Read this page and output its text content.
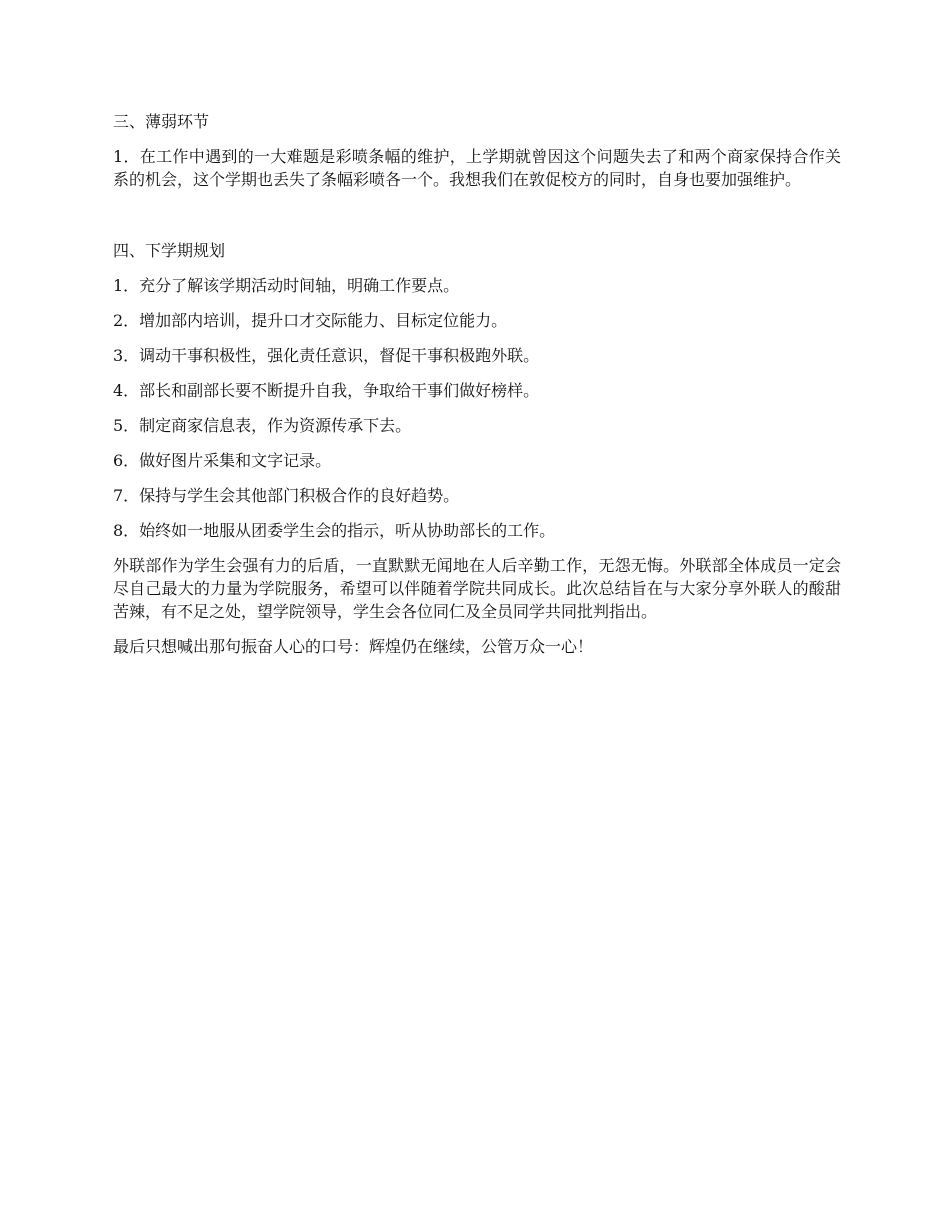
三、薄弱环节
1．在工作中遇到的一大难题是彩喷条幅的维护，上学期就曾因这个问题失去了和两个商家保持合作关系的机会，这个学期也丢失了条幅彩喷各一个。我想我们在敦促校方的同时，自身也要加强维护。
四、下学期规划
1．充分了解该学期活动时间轴，明确工作要点。
2．增加部内培训，提升口才交际能力、目标定位能力。
3．调动干事积极性，强化责任意识，督促干事积极跑外联。
4．部长和副部长要不断提升自我，争取给干事们做好榜样。
5．制定商家信息表，作为资源传承下去。
6．做好图片采集和文字记录。
7．保持与学生会其他部门积极合作的良好趋势。
8．始终如一地服从团委学生会的指示，听从协助部长的工作。
外联部作为学生会强有力的后盾，一直默默无闻地在人后辛勤工作，无怨无悔。外联部全体成员一定会尽自己最大的力量为学院服务，希望可以伴随着学院共同成长。此次总结旨在与大家分享外联人的酸甜苦辣，有不足之处，望学院领导，学生会各位同仁及全员同学共同批判指出。
最后只想喊出那句振奋人心的口号：辉煌仍在继续，公管万众一心！
